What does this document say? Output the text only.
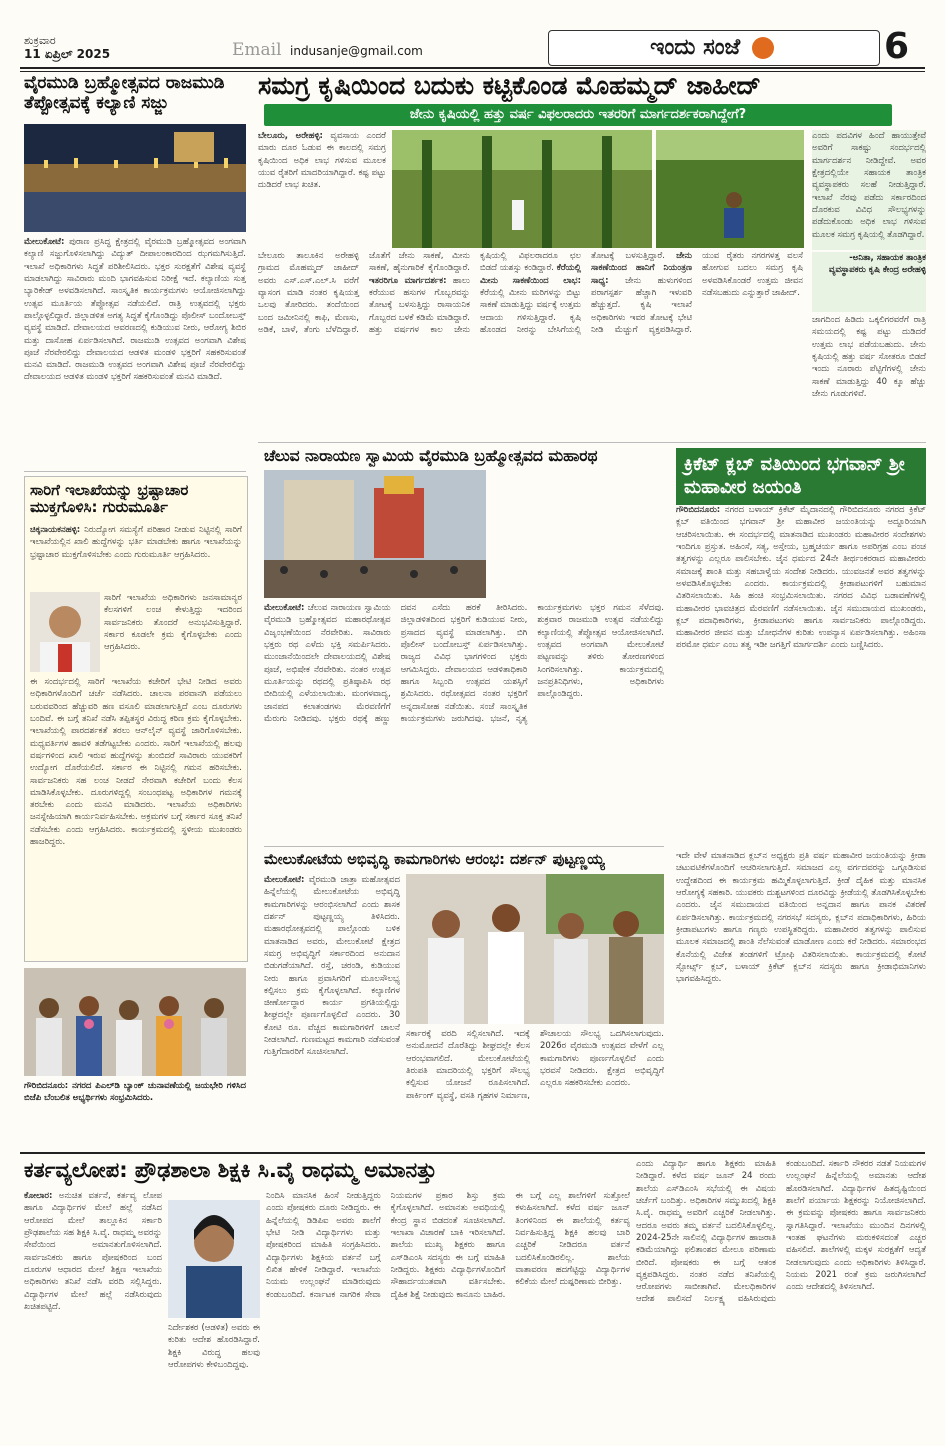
ಶುಕ್ರವಾರ
11 ಏಪ್ರಿಲ್ 2025	Email indusanje@gmail.com	ಇಂದು ಸಂಜೆ	6
ವೈರಮುಡಿ ಬ್ರಹ್ಮೋತ್ಸವದ ರಾಜಮುಡಿ ತೆಪ್ಪೋತ್ಸವಕ್ಕೆ ಕಲ್ಯಾಣಿ ಸಜ್ಜು
ಮೇಲುಕೋಟೆ: ಪುರಾಣ ಪ್ರಸಿದ್ಧ ಕ್ಷೇತ್ರದಲ್ಲಿ ವೈರಮುಡಿ ಬ್ರಹ್ಮೋತ್ಸವದ ಅಂಗವಾಗಿ ಕಲ್ಯಾಣಿ ಸಜ್ಜುಗೊಳಿಸಲಾಗಿದ್ದು ವಿದ್ಯುತ್ ದೀಪಾಲಂಕಾರದಿಂದ ಝಗಮಗಿಸುತ್ತಿದೆ. ಇಲಾಖೆ ಅಧಿಕಾರಿಗಳು ಸಿದ್ಧತೆ ಪರಿಶೀಲಿಸಿದರು. ಭಕ್ತರ ಸುರಕ್ಷತೆಗೆ ವಿಶೇಷ ವ್ಯವಸ್ಥೆ ಮಾಡಲಾಗಿದ್ದು ಸಾವಿರಾರು ಮಂದಿ ಭಾಗವಹಿಸುವ ನಿರೀಕ್ಷೆ ಇದೆ. ಕಲ್ಯಾಣಿಯ ಸುತ್ತ ಬ್ಯಾರಿಕೇಡ್ ಅಳವಡಿಸಲಾಗಿದೆ. ಸಾಂಸ್ಕೃತಿಕ ಕಾರ್ಯಕ್ರಮಗಳು ಆಯೋಜಿಸಲಾಗಿದ್ದು ಉತ್ಸವ ಮೂರ್ತಿಯ ತೆಪ್ಪೋತ್ಸವ ನಡೆಯಲಿದೆ. ರಾತ್ರಿ ಉತ್ಸವದಲ್ಲಿ ಭಕ್ತರು ಪಾಲ್ಗೊಳ್ಳಲಿದ್ದಾರೆ. ಜಿಲ್ಲಾಡಳಿತ ಅಗತ್ಯ ಸಿದ್ಧತೆ ಕೈಗೊಂಡಿದ್ದು ಪೊಲೀಸ್ ಬಂದೋಬಸ್ತ್ ವ್ಯವಸ್ಥೆ ಮಾಡಿದೆ. ದೇವಾಲಯದ ಆವರಣದಲ್ಲಿ ಕುಡಿಯುವ ನೀರು, ಆರೋಗ್ಯ ಶಿಬಿರ ಮತ್ತು ದಾಸೋಹ ಏರ್ಪಡಿಸಲಾಗಿದೆ. ರಾಜಮುಡಿ ಉತ್ಸವದ ಅಂಗವಾಗಿ ವಿಶೇಷ ಪೂಜೆ ನೆರವೇರಲಿದ್ದು ದೇವಾಲಯದ ಆಡಳಿತ ಮಂಡಳಿ ಭಕ್ತರಿಗೆ ಸಹಕರಿಸುವಂತೆ ಮನವಿ ಮಾಡಿದೆ. ರಾಜಮುಡಿ ಉತ್ಸವದ ಅಂಗವಾಗಿ ವಿಶೇಷ ಪೂಜೆ ನೆರವೇರಲಿದ್ದು ದೇವಾಲಯದ ಆಡಳಿತ ಮಂಡಳಿ ಭಕ್ತರಿಗೆ ಸಹಕರಿಸುವಂತೆ ಮನವಿ ಮಾಡಿದೆ.
ಸಮಗ್ರ ಕೃಷಿಯಿಂದ ಬದುಕು ಕಟ್ಟಿಕೊಂಡ ಮೊಹಮ್ಮದ್ ಜಾಹೀದ್
ಜೇನು ಕೃಷಿಯಲ್ಲಿ ಹತ್ತು ವರ್ಷ ವಿಫಲರಾದರು ಇತರರಿಗೆ ಮಾರ್ಗದರ್ಶಕರಾಗಿದ್ದೇಗೆ?
ಬೇಲೂರು, ಅರೇಹಳ್ಳಿ: ವ್ಯವಸಾಯ ಎಂದರೆ ಮಾರು ದೂರ ಓಡುವ ಈ ಕಾಲದಲ್ಲಿ ಸಮಗ್ರ ಕೃಷಿಯಿಂದ ಅಧಿಕ ಲಾಭ ಗಳಿಸುವ ಮೂಲಕ ಯುವ ರೈತರಿಗೆ ಮಾದರಿಯಾಗಿದ್ದಾರೆ. ಕಷ್ಟ ಪಟ್ಟು ದುಡಿದರೆ ಲಾಭ ಖಚಿತ.
ಎಂದು ಪದವಿಗಳ ಹಿಂದೆ ಹಾಯುತ್ತೇವೆ ಅವರಿಗೆ ಸಾಕಷ್ಟು ಸಂದರ್ಭದಲ್ಲಿ ಮಾರ್ಗದರ್ಶನ ನೀಡಿದ್ದೇವೆ. ಅವರ ಕ್ಷೇತ್ರದಲ್ಲಿಯೇ ಸಹಾಯಕ ತಾಂತ್ರಿಕ ವ್ಯವಸ್ಥಾಪಕರು ಸಲಹೆ ನೀಡುತ್ತಿದ್ದಾರೆ. ಇಲಾಖೆ ನೆರವು ಪಡೆದು ಸರ್ಕಾರದಿಂದ ದೊರಕುವ ವಿವಿಧ ಸೌಲಭ್ಯಗಳನ್ನು ಪಡೆದುಕೊಂಡು ಅಧಿಕ ಲಾಭ ಗಳಿಸುವ ಮೂಲಕ ಸಮಗ್ರ ಕೃಷಿಯಲ್ಲಿ ತೊಡಗಿದ್ದಾರೆ.
-ಅನಿತಾ, ಸಹಾಯಕ ತಾಂತ್ರಿಕ ವ್ಯವಸ್ಥಾಪಕರು ಕೃಷಿ ಕೇಂದ್ರ ಅರೇಹಳ್ಳಿ
ಬೇಲೂರು ತಾಲೂಕಿನ ಅರೇಹಳ್ಳಿ ಗ್ರಾಮದ ಮೊಹಮ್ಮದ್ ಜಾಹೀದ್ ಅವರು ಎಸ್.ಎಸ್.ಎಲ್.ಸಿ ವರೆಗೆ ವ್ಯಾಸಂಗ ಮಾಡಿ ನಂತರ ಕೃಷಿಯತ್ತ ಒಲವು ತೋರಿದರು. ತಂದೆಯಿಂದ ಬಂದ ಜಮೀನಿನಲ್ಲಿ ಕಾಫಿ, ಮೆಣಸು, ಅಡಿಕೆ, ಬಾಳೆ, ತೆಂಗು ಬೆಳೆದಿದ್ದಾರೆ. ಜೊತೆಗೆ ಜೇನು ಸಾಕಣೆ, ಮೀನು ಸಾಕಣೆ, ಹೈನುಗಾರಿಕೆ ಕೈಗೊಂಡಿದ್ದಾರೆ. ಇತರರಿಗೂ ಮಾರ್ಗದರ್ಶಕ: ಹಾಲು ಕರೆಯುವ ಹಸುಗಳ ಗೊಬ್ಬರವನ್ನು ತೋಟಕ್ಕೆ ಬಳಸುತ್ತಿದ್ದು ರಾಸಾಯನಿಕ ಗೊಬ್ಬರದ ಬಳಕೆ ಕಡಿಮೆ ಮಾಡಿದ್ದಾರೆ. ಹತ್ತು ವರ್ಷಗಳ ಕಾಲ ಜೇನು ಕೃಷಿಯಲ್ಲಿ ವಿಫಲರಾದರೂ ಛಲ ಬಿಡದೆ ಯಶಸ್ಸು ಕಂಡಿದ್ದಾರೆ. ಕೆರೆಯಲ್ಲಿ ಮೀನು ಸಾಕಣೆಯಿಂದ ಲಾಭ: ಕೆರೆಯಲ್ಲಿ ಮೀನು ಮರಿಗಳನ್ನು ಬಿಟ್ಟು ಸಾಕಣೆ ಮಾಡುತ್ತಿದ್ದು ವರ್ಷಕ್ಕೆ ಉತ್ತಮ ಆದಾಯ ಗಳಿಸುತ್ತಿದ್ದಾರೆ. ಕೃಷಿ ಹೊಂಡದ ನೀರನ್ನು ಬೇಸಿಗೆಯಲ್ಲಿ ತೋಟಕ್ಕೆ ಬಳಸುತ್ತಿದ್ದಾರೆ. ಜೇನು ಸಾಕಣೆಯಿಂದ ಹಾನಿಗೆ ನಿಯಂತ್ರಣ ಸಾಧ್ಯ: ಜೇನು ಹುಳುಗಳಿಂದ ಪರಾಗಸ್ಪರ್ಶ ಹೆಚ್ಚಾಗಿ ಇಳುವರಿ ಹೆಚ್ಚುತ್ತದೆ. ಕೃಷಿ ಇಲಾಖೆ ಅಧಿಕಾರಿಗಳು ಇವರ ತೋಟಕ್ಕೆ ಭೇಟಿ ನೀಡಿ ಮೆಚ್ಚುಗೆ ವ್ಯಕ್ತಪಡಿಸಿದ್ದಾರೆ. ಯುವ ರೈತರು ನಗರಗಳತ್ತ ವಲಸೆ ಹೋಗುವ ಬದಲು ಸಮಗ್ರ ಕೃಷಿ ಅಳವಡಿಸಿಕೊಂಡರೆ ಉತ್ತಮ ಜೀವನ ನಡೆಸಬಹುದು ಎನ್ನುತ್ತಾರೆ ಜಾಹೀದ್.
ಜಾಗದಿಂದ ಹಿಡಿದು ಒಕ್ಕಲಿಗರವರೆಗೆ ರಾತ್ರಿ ಸಮಯದಲ್ಲಿ ಕಷ್ಟ ಪಟ್ಟು ದುಡಿದರೆ ಉತ್ತಮ ಲಾಭ ಪಡೆಯಬಹುದು. ಜೇನು ಕೃಷಿಯಲ್ಲಿ ಹತ್ತು ವರ್ಷ ಸೋತರೂ ಬಿಡದೆ ಇಂದು ನೂರಾರು ಪೆಟ್ಟಿಗೆಗಳಲ್ಲಿ ಜೇನು ಸಾಕಣೆ ಮಾಡುತ್ತಿದ್ದು 40 ಕ್ಕೂ ಹೆಚ್ಚು ಜೇನು ಗೂಡುಗಳಿವೆ.
ಸಾರಿಗೆ ಇಲಾಖೆಯನ್ನು ಭ್ರಷ್ಟಾಚಾರ ಮುಕ್ತಗೊಳಿಸಿ: ಗುರುಮೂರ್ತಿ
ಚಿಕ್ಕನಾಯಕನಹಳ್ಳಿ: ನಿರುದ್ಯೋಗ ಸಮಸ್ಯೆಗೆ ಪರಿಹಾರ ನೀಡುವ ನಿಟ್ಟಿನಲ್ಲಿ ಸಾರಿಗೆ ಇಲಾಖೆಯಲ್ಲಿನ ಖಾಲಿ ಹುದ್ದೆಗಳನ್ನು ಭರ್ತಿ ಮಾಡಬೇಕು ಹಾಗೂ ಇಲಾಖೆಯನ್ನು ಭ್ರಷ್ಟಾಚಾರ ಮುಕ್ತಗೊಳಿಸಬೇಕು ಎಂದು ಗುರುಮೂರ್ತಿ ಆಗ್ರಹಿಸಿದರು.
ಸಾರಿಗೆ ಇಲಾಖೆಯ ಅಧಿಕಾರಿಗಳು ಜನಸಾಮಾನ್ಯರ ಕೆಲಸಗಳಿಗೆ ಲಂಚ ಕೇಳುತ್ತಿದ್ದು ಇದರಿಂದ ಸಾರ್ವಜನಿಕರು ತೊಂದರೆ ಅನುಭವಿಸುತ್ತಿದ್ದಾರೆ. ಸರ್ಕಾರ ಕೂಡಲೇ ಕ್ರಮ ಕೈಗೊಳ್ಳಬೇಕು ಎಂದು ಆಗ್ರಹಿಸಿದರು.
ಈ ಸಂದರ್ಭದಲ್ಲಿ ಸಾರಿಗೆ ಇಲಾಖೆಯ ಕಚೇರಿಗೆ ಭೇಟಿ ನೀಡಿದ ಅವರು ಅಧಿಕಾರಿಗಳೊಂದಿಗೆ ಚರ್ಚೆ ನಡೆಸಿದರು. ಚಾಲನಾ ಪರವಾನಗಿ ಪಡೆಯಲು ಬರುವವರಿಂದ ಹೆಚ್ಚುವರಿ ಹಣ ವಸೂಲಿ ಮಾಡಲಾಗುತ್ತಿದೆ ಎಂಬ ದೂರುಗಳು ಬಂದಿವೆ. ಈ ಬಗ್ಗೆ ತನಿಖೆ ನಡೆಸಿ ತಪ್ಪಿತಸ್ಥರ ವಿರುದ್ಧ ಕಠಿಣ ಕ್ರಮ ಕೈಗೊಳ್ಳಬೇಕು. ಇಲಾಖೆಯಲ್ಲಿ ಪಾರದರ್ಶಕತೆ ತರಲು ಆನ್‌ಲೈನ್ ವ್ಯವಸ್ಥೆ ಜಾರಿಗೊಳಿಸಬೇಕು. ಮಧ್ಯವರ್ತಿಗಳ ಹಾವಳಿ ತಡೆಗಟ್ಟಬೇಕು ಎಂದರು. ಸಾರಿಗೆ ಇಲಾಖೆಯಲ್ಲಿ ಹಲವು ವರ್ಷಗಳಿಂದ ಖಾಲಿ ಇರುವ ಹುದ್ದೆಗಳನ್ನು ತುಂಬಿದರೆ ಸಾವಿರಾರು ಯುವಕರಿಗೆ ಉದ್ಯೋಗ ದೊರೆಯಲಿದೆ. ಸರ್ಕಾರ ಈ ನಿಟ್ಟಿನಲ್ಲಿ ಗಮನ ಹರಿಸಬೇಕು. ಸಾರ್ವಜನಿಕರು ಸಹ ಲಂಚ ನೀಡದೆ ನೇರವಾಗಿ ಕಚೇರಿಗೆ ಬಂದು ಕೆಲಸ ಮಾಡಿಸಿಕೊಳ್ಳಬೇಕು. ದೂರುಗಳಿದ್ದಲ್ಲಿ ಸಂಬಂಧಪಟ್ಟ ಅಧಿಕಾರಿಗಳ ಗಮನಕ್ಕೆ ತರಬೇಕು ಎಂದು ಮನವಿ ಮಾಡಿದರು. ಇಲಾಖೆಯ ಅಧಿಕಾರಿಗಳು ಜನಸ್ನೇಹಿಯಾಗಿ ಕಾರ್ಯನಿರ್ವಹಿಸಬೇಕು. ಅಕ್ರಮಗಳ ಬಗ್ಗೆ ಸರ್ಕಾರ ಸೂಕ್ತ ತನಿಖೆ ನಡೆಸಬೇಕು ಎಂದು ಆಗ್ರಹಿಸಿದರು. ಕಾರ್ಯಕ್ರಮದಲ್ಲಿ ಸ್ಥಳೀಯ ಮುಖಂಡರು ಹಾಜರಿದ್ದರು.
ಚೆಲುವ ನಾರಾಯಣ ಸ್ವಾಮಿಯ ವೈರಮುಡಿ ಬ್ರಹ್ಮೋತ್ಸವದ ಮಹಾರಥ
ಮೇಲುಕೋಟೆ: ಚೆಲುವ ನಾರಾಯಣ ಸ್ವಾಮಿಯ ವೈರಮುಡಿ ಬ್ರಹ್ಮೋತ್ಸವದ ಮಹಾರಥೋತ್ಸವ ವಿಜೃಂಭಣೆಯಿಂದ ನೆರವೇರಿತು. ಸಾವಿರಾರು ಭಕ್ತರು ರಥ ಎಳೆದು ಭಕ್ತಿ ಸಮರ್ಪಿಸಿದರು. ಮುಂಜಾನೆಯಿಂದಲೇ ದೇವಾಲಯದಲ್ಲಿ ವಿಶೇಷ ಪೂಜೆ, ಅಭಿಷೇಕ ನೆರವೇರಿತು. ನಂತರ ಉತ್ಸವ ಮೂರ್ತಿಯನ್ನು ರಥದಲ್ಲಿ ಪ್ರತಿಷ್ಠಾಪಿಸಿ ರಥ ಬೀದಿಯಲ್ಲಿ ಎಳೆಯಲಾಯಿತು. ಮಂಗಳವಾದ್ಯ, ಜಾನಪದ ಕಲಾತಂಡಗಳು ಮೆರವಣಿಗೆಗೆ ಮೆರುಗು ನೀಡಿದವು. ಭಕ್ತರು ರಥಕ್ಕೆ ಹಣ್ಣು ದವನ ಎಸೆದು ಹರಕೆ ತೀರಿಸಿದರು. ಜಿಲ್ಲಾಡಳಿತದಿಂದ ಭಕ್ತರಿಗೆ ಕುಡಿಯುವ ನೀರು, ಪ್ರಸಾದದ ವ್ಯವಸ್ಥೆ ಮಾಡಲಾಗಿತ್ತು. ಬಿಗಿ ಪೊಲೀಸ್ ಬಂದೋಬಸ್ತ್ ಏರ್ಪಡಿಸಲಾಗಿತ್ತು. ರಾಜ್ಯದ ವಿವಿಧ ಭಾಗಗಳಿಂದ ಭಕ್ತರು ಆಗಮಿಸಿದ್ದರು. ದೇವಾಲಯದ ಆಡಳಿತಾಧಿಕಾರಿ ಹಾಗೂ ಸಿಬ್ಬಂದಿ ಉತ್ಸವದ ಯಶಸ್ಸಿಗೆ ಶ್ರಮಿಸಿದರು. ರಥೋತ್ಸವದ ನಂತರ ಭಕ್ತರಿಗೆ ಅನ್ನದಾಸೋಹ ನಡೆಯಿತು. ಸಂಜೆ ಸಾಂಸ್ಕೃತಿಕ ಕಾರ್ಯಕ್ರಮಗಳು ಜರುಗಿದವು. ಭಜನೆ, ನೃತ್ಯ ಕಾರ್ಯಕ್ರಮಗಳು ಭಕ್ತರ ಗಮನ ಸೆಳೆದವು. ಶುಕ್ರವಾರ ರಾಜಮುಡಿ ಉತ್ಸವ ನಡೆಯಲಿದ್ದು ಕಲ್ಯಾಣಿಯಲ್ಲಿ ತೆಪ್ಪೋತ್ಸವ ಆಯೋಜಿಸಲಾಗಿದೆ. ಉತ್ಸವದ ಅಂಗವಾಗಿ ಮೇಲುಕೋಟೆ ಪಟ್ಟಣವನ್ನು ತಳಿರು ತೋರಣಗಳಿಂದ ಸಿಂಗರಿಸಲಾಗಿತ್ತು. ಕಾರ್ಯಕ್ರಮದಲ್ಲಿ ಜನಪ್ರತಿನಿಧಿಗಳು, ಅಧಿಕಾರಿಗಳು ಪಾಲ್ಗೊಂಡಿದ್ದರು.
ಕ್ರಿಕೆಟ್ ಕ್ಲಬ್ ವತಿಯಿಂದ ಭಗವಾನ್ ಶ್ರೀ ಮಹಾವೀರ ಜಯಂತಿ
ಗೌರಿಬಿದನೂರು: ನಗರದ ಬಳಾಯ್ ಕ್ರಿಕೆಟ್ ಮೈದಾನದಲ್ಲಿ ಗೌರಿಬಿದನೂರು ನಗರದ ಕ್ರಿಕೆಟ್ ಕ್ಲಬ್ ವತಿಯಿಂದ ಭಗವಾನ್ ಶ್ರೀ ಮಹಾವೀರ ಜಯಂತಿಯನ್ನು ಅದ್ದೂರಿಯಾಗಿ ಆಚರಿಸಲಾಯಿತು. ಈ ಸಂದರ್ಭದಲ್ಲಿ ಮಾತನಾಡಿದ ಮುಖಂಡರು ಮಹಾವೀರರ ಸಂದೇಶಗಳು ಇಂದಿಗೂ ಪ್ರಸ್ತುತ. ಅಹಿಂಸೆ, ಸತ್ಯ, ಅಸ್ತೇಯ, ಬ್ರಹ್ಮಚರ್ಯ ಹಾಗೂ ಅಪರಿಗ್ರಹ ಎಂಬ ಪಂಚ ತತ್ವಗಳನ್ನು ಎಲ್ಲರೂ ಪಾಲಿಸಬೇಕು. ಜೈನ ಧರ್ಮದ 24ನೇ ತೀರ್ಥಂಕರರಾದ ಮಹಾವೀರರು ಸಮಾಜಕ್ಕೆ ಶಾಂತಿ ಮತ್ತು ಸಹಬಾಳ್ವೆಯ ಸಂದೇಶ ನೀಡಿದರು. ಯುವಜನತೆ ಅವರ ತತ್ವಗಳನ್ನು ಅಳವಡಿಸಿಕೊಳ್ಳಬೇಕು ಎಂದರು. ಕಾರ್ಯಕ್ರಮದಲ್ಲಿ ಕ್ರೀಡಾಪಟುಗಳಿಗೆ ಬಹುಮಾನ ವಿತರಿಸಲಾಯಿತು. ಸಿಹಿ ಹಂಚಿ ಸಂಭ್ರಮಿಸಲಾಯಿತು. ನಗರದ ವಿವಿಧ ಬಡಾವಣೆಗಳಲ್ಲಿ ಮಹಾವೀರರ ಭಾವಚಿತ್ರದ ಮೆರವಣಿಗೆ ನಡೆಸಲಾಯಿತು. ಜೈನ ಸಮುದಾಯದ ಮುಖಂಡರು, ಕ್ಲಬ್ ಪದಾಧಿಕಾರಿಗಳು, ಕ್ರೀಡಾಪಟುಗಳು ಹಾಗೂ ಸಾರ್ವಜನಿಕರು ಪಾಲ್ಗೊಂಡಿದ್ದರು. ಮಹಾವೀರರ ಜೀವನ ಮತ್ತು ಬೋಧನೆಗಳ ಕುರಿತು ಉಪನ್ಯಾಸ ಏರ್ಪಡಿಸಲಾಗಿತ್ತು. ಅಹಿಂಸಾ ಪರಮೋ ಧರ್ಮ ಎಂಬ ತತ್ವ ಇಡೀ ಜಗತ್ತಿಗೆ ಮಾರ್ಗದರ್ಶಿ ಎಂದು ಬಣ್ಣಿಸಿದರು.
ಇದೇ ವೇಳೆ ಮಾತನಾಡಿದ ಕ್ಲಬ್‌ನ ಅಧ್ಯಕ್ಷರು ಪ್ರತಿ ವರ್ಷ ಮಹಾವೀರ ಜಯಂತಿಯನ್ನು ಕ್ರೀಡಾ ಚಟುವಟಿಕೆಗಳೊಂದಿಗೆ ಆಚರಿಸಲಾಗುತ್ತಿದೆ. ಸಮಾಜದ ಎಲ್ಲ ವರ್ಗದವರನ್ನು ಒಗ್ಗೂಡಿಸುವ ಉದ್ದೇಶದಿಂದ ಈ ಕಾರ್ಯಕ್ರಮ ಹಮ್ಮಿಕೊಳ್ಳಲಾಗುತ್ತಿದೆ. ಕ್ರೀಡೆ ದೈಹಿಕ ಮತ್ತು ಮಾನಸಿಕ ಆರೋಗ್ಯಕ್ಕೆ ಸಹಕಾರಿ. ಯುವಕರು ದುಶ್ಚಟಗಳಿಂದ ದೂರವಿದ್ದು ಕ್ರೀಡೆಯಲ್ಲಿ ತೊಡಗಿಸಿಕೊಳ್ಳಬೇಕು ಎಂದರು. ಜೈನ ಸಮುದಾಯದ ವತಿಯಿಂದ ಅನ್ನದಾನ ಹಾಗೂ ಪಾನಕ ವಿತರಣೆ ಏರ್ಪಡಿಸಲಾಗಿತ್ತು. ಕಾರ್ಯಕ್ರಮದಲ್ಲಿ ನಗರಸಭೆ ಸದಸ್ಯರು, ಕ್ಲಬ್‌ನ ಪದಾಧಿಕಾರಿಗಳು, ಹಿರಿಯ ಕ್ರೀಡಾಪಟುಗಳು ಹಾಗೂ ಗಣ್ಯರು ಉಪಸ್ಥಿತರಿದ್ದರು. ಮಹಾವೀರರ ತತ್ವಗಳನ್ನು ಪಾಲಿಸುವ ಮೂಲಕ ಸಮಾಜದಲ್ಲಿ ಶಾಂತಿ ನೆಲೆಸುವಂತೆ ಮಾಡೋಣ ಎಂದು ಕರೆ ನೀಡಿದರು. ಸಮಾರಂಭದ ಕೊನೆಯಲ್ಲಿ ವಿಜೇತ ತಂಡಗಳಿಗೆ ಟ್ರೋಫಿ ವಿತರಿಸಲಾಯಿತು. ಕಾರ್ಯಕ್ರಮದಲ್ಲಿ ಕೋಟೆ ಸ್ಪೋರ್ಟ್ಸ್ ಕ್ಲಬ್, ಬಳಾಯ್ ಕ್ರಿಕೆಟ್ ಕ್ಲಬ್‌ನ ಸದಸ್ಯರು ಹಾಗೂ ಕ್ರೀಡಾಭಿಮಾನಿಗಳು ಭಾಗವಹಿಸಿದ್ದರು.
ಮೇಲುಕೋಟೆಯ ಅಭಿವೃದ್ಧಿ ಕಾಮಗಾರಿಗಳು ಆರಂಭ: ದರ್ಶನ್ ಪುಟ್ಟಣ್ಣಯ್ಯ
ಮೇಲುಕೋಟೆ: ವೈರಮುಡಿ ಜಾತ್ರಾ ಮಹೋತ್ಸವದ ಹಿನ್ನೆಲೆಯಲ್ಲಿ ಮೇಲುಕೋಟೆಯ ಅಭಿವೃದ್ಧಿ ಕಾಮಗಾರಿಗಳನ್ನು ಆರಂಭಿಸಲಾಗಿದೆ ಎಂದು ಶಾಸಕ ದರ್ಶನ್ ಪುಟ್ಟಣ್ಣಯ್ಯ ತಿಳಿಸಿದರು. ಮಹಾರಥೋತ್ಸವದಲ್ಲಿ ಪಾಲ್ಗೊಂಡು ಬಳಿಕ ಮಾತನಾಡಿದ ಅವರು, ಮೇಲುಕೋಟೆ ಕ್ಷೇತ್ರದ ಸಮಗ್ರ ಅಭಿವೃದ್ಧಿಗೆ ಸರ್ಕಾರದಿಂದ ಅನುದಾನ ಬಿಡುಗಡೆಯಾಗಿದೆ. ರಸ್ತೆ, ಚರಂಡಿ, ಕುಡಿಯುವ ನೀರು ಹಾಗೂ ಪ್ರವಾಸಿಗರಿಗೆ ಮೂಲಸೌಲಭ್ಯ ಕಲ್ಪಿಸಲು ಕ್ರಮ ಕೈಗೊಳ್ಳಲಾಗಿದೆ. ಕಲ್ಯಾಣಿಗಳ ಜೀರ್ಣೋದ್ಧಾರ ಕಾರ್ಯ ಪ್ರಗತಿಯಲ್ಲಿದ್ದು ಶೀಘ್ರದಲ್ಲೇ ಪೂರ್ಣಗೊಳ್ಳಲಿದೆ ಎಂದರು. 30 ಕೋಟಿ ರೂ. ವೆಚ್ಚದ ಕಾಮಗಾರಿಗಳಿಗೆ ಚಾಲನೆ ನೀಡಲಾಗಿದೆ. ಗುಣಮಟ್ಟದ ಕಾಮಗಾರಿ ನಡೆಸುವಂತೆ ಗುತ್ತಿಗೆದಾರರಿಗೆ ಸೂಚಿಸಲಾಗಿದೆ.
ಸರ್ಕಾರಕ್ಕೆ ವರದಿ ಸಲ್ಲಿಸಲಾಗಿದೆ. ಇದಕ್ಕೆ ಅನುಮೋದನೆ ದೊರೆತಿದ್ದು ಶೀಘ್ರದಲ್ಲೇ ಕೆಲಸ ಆರಂಭವಾಗಲಿದೆ. ಮೇಲುಕೋಟೆಯಲ್ಲಿ ತಿರುಪತಿ ಮಾದರಿಯಲ್ಲಿ ಭಕ್ತರಿಗೆ ಸೌಲಭ್ಯ ಕಲ್ಪಿಸುವ ಯೋಜನೆ ರೂಪಿಸಲಾಗಿದೆ. ಪಾರ್ಕಿಂಗ್ ವ್ಯವಸ್ಥೆ, ವಸತಿ ಗೃಹಗಳ ನಿರ್ಮಾಣ, ಶೌಚಾಲಯ ಸೌಲಭ್ಯ ಒದಗಿಸಲಾಗುವುದು. 2026ರ ವೈರಮುಡಿ ಉತ್ಸವದ ವೇಳೆಗೆ ಎಲ್ಲ ಕಾಮಗಾರಿಗಳು ಪೂರ್ಣಗೊಳ್ಳಲಿವೆ ಎಂದು ಭರವಸೆ ನೀಡಿದರು. ಕ್ಷೇತ್ರದ ಅಭಿವೃದ್ಧಿಗೆ ಎಲ್ಲರೂ ಸಹಕರಿಸಬೇಕು ಎಂದರು.
ಗೌರಿಬಿದನೂರು: ನಗರದ ಪಿಎಲ್‌ಡಿ ಬ್ಯಾಂಕ್ ಚುನಾವಣೆಯಲ್ಲಿ ಜಯಭೇರಿ ಗಳಿಸಿದ ಬಿಜೆಪಿ ಬೆಂಬಲಿತ ಅಭ್ಯರ್ಥಿಗಳು ಸಂಭ್ರಮಿಸಿದರು.
ಕರ್ತವ್ಯಲೋಪ: ಪ್ರೌಢಶಾಲಾ ಶಿಕ್ಷಕಿ ಸಿ.ವೈ ರಾಧಮ್ಮ ಅಮಾನತ್ತು
ಕೋಲಾರ: ಅನುಚಿತ ವರ್ತನೆ, ಕರ್ತವ್ಯ ಲೋಪ ಹಾಗೂ ವಿದ್ಯಾರ್ಥಿಗಳ ಮೇಲೆ ಹಲ್ಲೆ ನಡೆಸಿದ ಆರೋಪದ ಮೇಲೆ ತಾಲ್ಲೂಕಿನ ಸರ್ಕಾರಿ ಪ್ರೌಢಶಾಲೆಯ ಸಹ ಶಿಕ್ಷಕಿ ಸಿ.ವೈ. ರಾಧಮ್ಮ ಅವರನ್ನು ಸೇವೆಯಿಂದ ಅಮಾನತುಗೊಳಿಸಲಾಗಿದೆ. ಸಾರ್ವಜನಿಕರು ಹಾಗೂ ಪೋಷಕರಿಂದ ಬಂದ ದೂರುಗಳ ಆಧಾರದ ಮೇಲೆ ಶಿಕ್ಷಣ ಇಲಾಖೆಯ ಅಧಿಕಾರಿಗಳು ತನಿಖೆ ನಡೆಸಿ ವರದಿ ಸಲ್ಲಿಸಿದ್ದರು. ವಿದ್ಯಾರ್ಥಿಗಳ ಮೇಲೆ ಹಲ್ಲೆ ನಡೆಸಿರುವುದು ಖಚಿತಪಟ್ಟಿದೆ.
ನಿರ್ದೇಶಕರ (ಆಡಳಿತ) ಅವರು ಈ ಕುರಿತು ಆದೇಶ ಹೊರಡಿಸಿದ್ದಾರೆ. ಶಿಕ್ಷಕಿ ವಿರುದ್ಧ ಹಲವು ಆರೋಪಗಳು ಕೇಳಿಬಂದಿದ್ದವು.
ನಿಂದಿಸಿ ಮಾನಸಿಕ ಹಿಂಸೆ ನೀಡುತ್ತಿದ್ದರು ಎಂದು ಪೋಷಕರು ದೂರು ನೀಡಿದ್ದರು. ಈ ಹಿನ್ನೆಲೆಯಲ್ಲಿ ಡಿಡಿಪಿಐ ಅವರು ಶಾಲೆಗೆ ಭೇಟಿ ನೀಡಿ ವಿದ್ಯಾರ್ಥಿಗಳು ಮತ್ತು ಪೋಷಕರಿಂದ ಮಾಹಿತಿ ಸಂಗ್ರಹಿಸಿದರು. ವಿದ್ಯಾರ್ಥಿಗಳು ಶಿಕ್ಷಕಿಯ ವರ್ತನೆ ಬಗ್ಗೆ ಲಿಖಿತ ಹೇಳಿಕೆ ನೀಡಿದ್ದಾರೆ. ಇಲಾಖೆಯ ನಿಯಮ ಉಲ್ಲಂಘನೆ ಮಾಡಿರುವುದು ಕಂಡುಬಂದಿದೆ. ಕರ್ನಾಟಕ ನಾಗರಿಕ ಸೇವಾ ನಿಯಮಗಳ ಪ್ರಕಾರ ಶಿಸ್ತು ಕ್ರಮ ಕೈಗೊಳ್ಳಲಾಗಿದೆ. ಅಮಾನತು ಅವಧಿಯಲ್ಲಿ ಕೇಂದ್ರ ಸ್ಥಾನ ಬಿಡದಂತೆ ಸೂಚಿಸಲಾಗಿದೆ. ಇಲಾಖಾ ವಿಚಾರಣೆ ಬಾಕಿ ಇರಿಸಲಾಗಿದೆ. ಶಾಲೆಯ ಮುಖ್ಯ ಶಿಕ್ಷಕರು ಹಾಗೂ ಎಸ್‌ಡಿಎಂಸಿ ಸದಸ್ಯರು ಈ ಬಗ್ಗೆ ಮಾಹಿತಿ ನೀಡಿದ್ದರು. ಶಿಕ್ಷಕರು ವಿದ್ಯಾರ್ಥಿಗಳೊಂದಿಗೆ ಸೌಹಾರ್ದಯುತವಾಗಿ ವರ್ತಿಸಬೇಕು. ದೈಹಿಕ ಶಿಕ್ಷೆ ನೀಡುವುದು ಕಾನೂನು ಬಾಹಿರ. ಈ ಬಗ್ಗೆ ಎಲ್ಲ ಶಾಲೆಗಳಿಗೆ ಸುತ್ತೋಲೆ ಕಳುಹಿಸಲಾಗಿದೆ. ಕಳೆದ ವರ್ಷ ಜೂನ್ ತಿಂಗಳಿನಿಂದ ಈ ಶಾಲೆಯಲ್ಲಿ ಕರ್ತವ್ಯ ನಿರ್ವಹಿಸುತ್ತಿದ್ದ ಶಿಕ್ಷಕಿ ಹಲವು ಬಾರಿ ಎಚ್ಚರಿಕೆ ನೀಡಿದರೂ ವರ್ತನೆ ಬದಲಿಸಿಕೊಂಡಿರಲಿಲ್ಲ. ಶಾಲೆಯ ವಾತಾವರಣ ಹದಗೆಟ್ಟಿದ್ದು ವಿದ್ಯಾರ್ಥಿಗಳ ಕಲಿಕೆಯ ಮೇಲೆ ದುಷ್ಪರಿಣಾಮ ಬೀರಿತ್ತು.
ಎಂದು ವಿದ್ಯಾರ್ಥಿ ಹಾಗೂ ಶಿಕ್ಷಕರು ಮಾಹಿತಿ ನೀಡಿದ್ದಾರೆ. ಕಳೆದ ವರ್ಷ ಜೂನ್ 24 ರಂದು ಶಾಲೆಯ ಎಸ್‌ಡಿಎಂಸಿ ಸಭೆಯಲ್ಲಿ ಈ ವಿಷಯ ಚರ್ಚೆಗೆ ಬಂದಿತ್ತು. ಅಧಿಕಾರಿಗಳ ಸಮ್ಮುಖದಲ್ಲಿ ಶಿಕ್ಷಕಿ ಸಿ.ವೈ. ರಾಧಮ್ಮ ಅವರಿಗೆ ಎಚ್ಚರಿಕೆ ನೀಡಲಾಗಿತ್ತು. ಆದರೂ ಅವರು ತಮ್ಮ ವರ್ತನೆ ಬದಲಿಸಿಕೊಳ್ಳಲಿಲ್ಲ. 2024-25ನೇ ಸಾಲಿನಲ್ಲಿ ವಿದ್ಯಾರ್ಥಿಗಳ ಹಾಜರಾತಿ ಕಡಿಮೆಯಾಗಿದ್ದು ಫಲಿತಾಂಶದ ಮೇಲೂ ಪರಿಣಾಮ ಬೀರಿದೆ. ಪೋಷಕರು ಈ ಬಗ್ಗೆ ಆತಂಕ ವ್ಯಕ್ತಪಡಿಸಿದ್ದರು. ನಂತರ ನಡೆದ ತನಿಖೆಯಲ್ಲಿ ಆರೋಪಗಳು ಸಾಬೀತಾಗಿವೆ. ಮೇಲಧಿಕಾರಿಗಳ ಆದೇಶ ಪಾಲಿಸದೆ ನಿರ್ಲಕ್ಷ್ಯ ವಹಿಸಿರುವುದು ಕಂಡುಬಂದಿದೆ. ಸರ್ಕಾರಿ ನೌಕರರ ನಡತೆ ನಿಯಮಗಳ ಉಲ್ಲಂಘನೆ ಹಿನ್ನೆಲೆಯಲ್ಲಿ ಅಮಾನತು ಆದೇಶ ಹೊರಡಿಸಲಾಗಿದೆ. ವಿದ್ಯಾರ್ಥಿಗಳ ಹಿತದೃಷ್ಟಿಯಿಂದ ಶಾಲೆಗೆ ಪರ್ಯಾಯ ಶಿಕ್ಷಕರನ್ನು ನಿಯೋಜಿಸಲಾಗಿದೆ. ಈ ಕ್ರಮವನ್ನು ಪೋಷಕರು ಹಾಗೂ ಸಾರ್ವಜನಿಕರು ಸ್ವಾಗತಿಸಿದ್ದಾರೆ. ಇಲಾಖೆಯು ಮುಂದಿನ ದಿನಗಳಲ್ಲಿ ಇಂತಹ ಘಟನೆಗಳು ಮರುಕಳಿಸದಂತೆ ಎಚ್ಚರ ವಹಿಸಲಿದೆ. ಶಾಲೆಗಳಲ್ಲಿ ಮಕ್ಕಳ ಸುರಕ್ಷತೆಗೆ ಆದ್ಯತೆ ನೀಡಲಾಗುವುದು ಎಂದು ಅಧಿಕಾರಿಗಳು ತಿಳಿಸಿದ್ದಾರೆ. ನಿಯಮ 2021 ರಂತೆ ಕ್ರಮ ಜರುಗಿಸಲಾಗಿದೆ ಎಂದು ಆದೇಶದಲ್ಲಿ ತಿಳಿಸಲಾಗಿದೆ.
